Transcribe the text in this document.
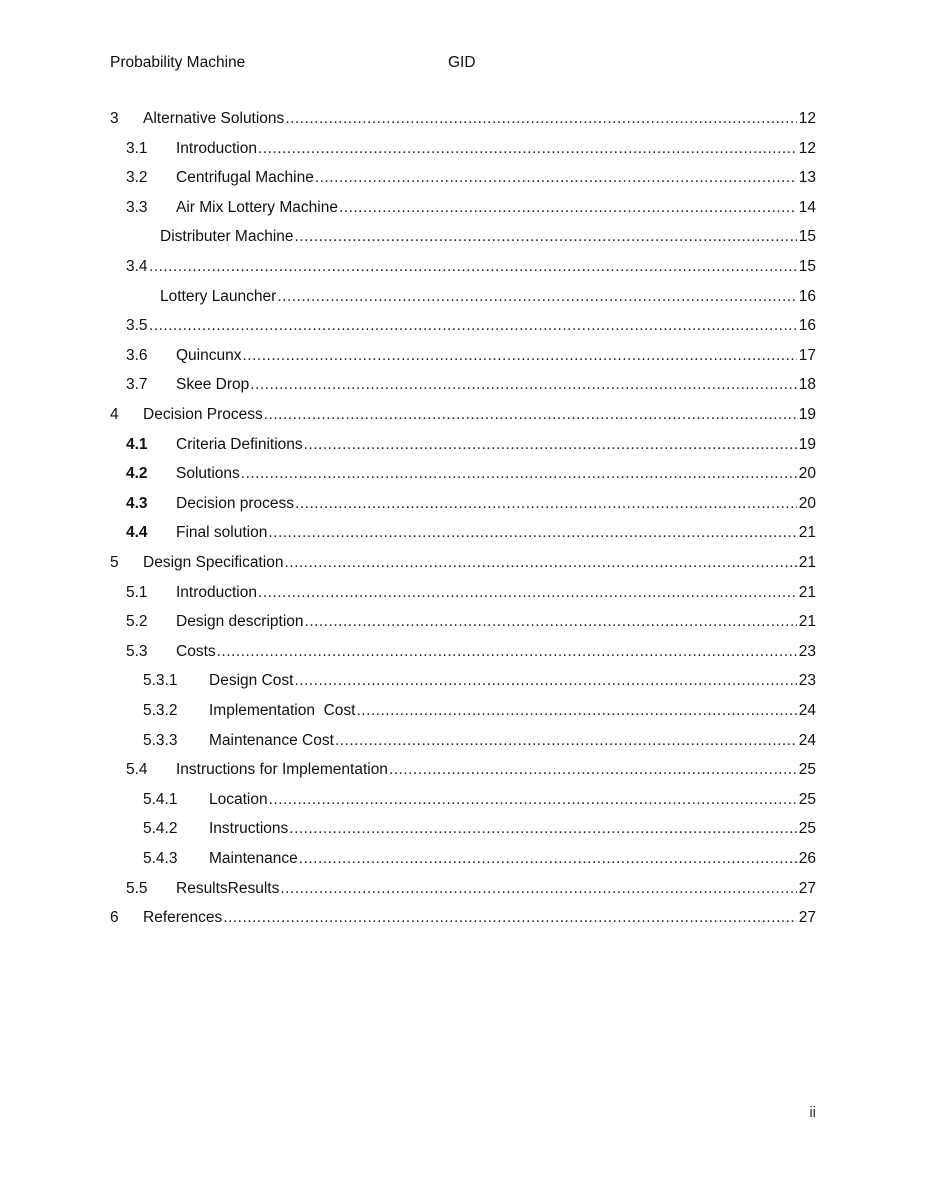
Probability Machine	GID
3 Alternative Solutions .....	12
3.1 Introduction .....	12
3.2 Centrifugal Machine .....	13
3.3 Air Mix Lottery Machine .....	14
Distributer Machine .....	15
3.4 .....	15
Lottery Launcher .....	16
3.5 .....	16
3.6 Quincunx .....	17
3.7 Skee Drop .....	18
4 Decision Process .....	19
4.1 Criteria Definitions .....	19
4.2 Solutions .....	20
4.3 Decision process .....	20
4.4 Final solution .....	21
5 Design Specification .....	21
5.1 Introduction .....	21
5.2 Design description .....	21
5.3 Costs .....	23
5.3.1 Design Cost .....	23
5.3.2 Implementation  Cost .....	24
5.3.3 Maintenance Cost .....	24
5.4 Instructions for Implementation .....	25
5.4.1 Location .....	25
5.4.2 Instructions .....	25
5.4.3 Maintenance .....	26
5.5 ResultsResults .....	27
6 References .....	27
ii
